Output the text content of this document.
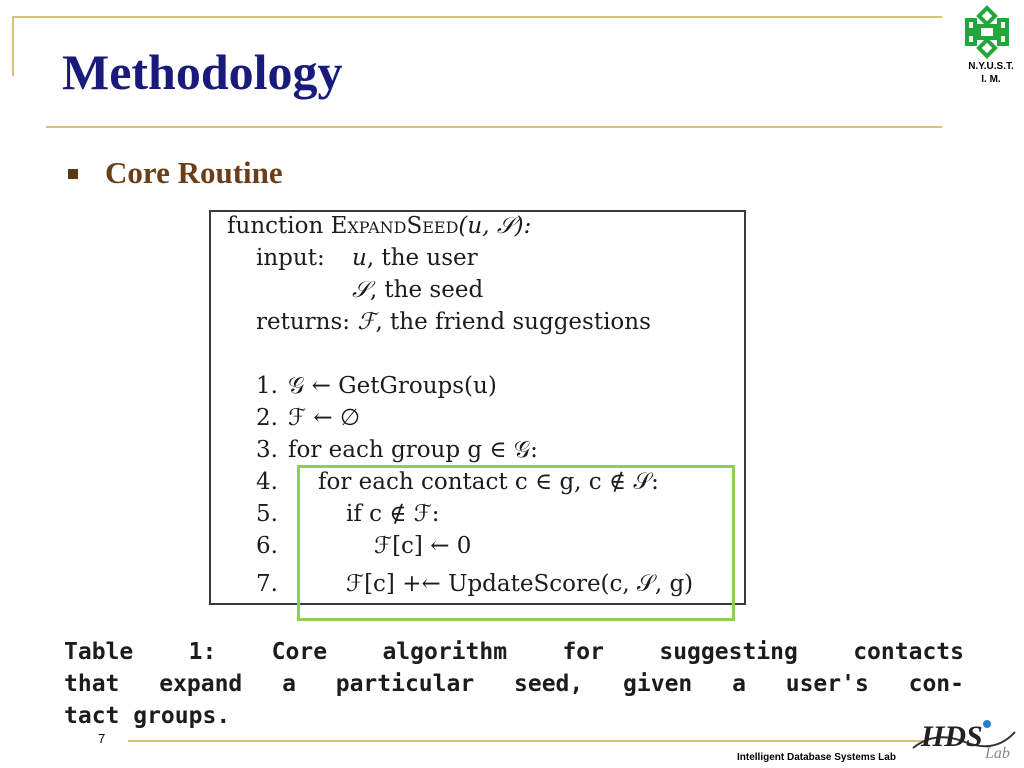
Methodology	N.Y.U.S.T.
I. M.
Core Routine
function ExpandSeed(u, 𝒮):
input: u, the user
𝒮, the seed
returns: ℱ, the friend suggestions
1. 𝒢 ← GetGroups(u)
2. ℱ ← ∅
3. for each group g ∈ 𝒢:
4. for each contact c ∈ g, c ∉ 𝒮:
5.	if c ∉ ℱ:
6.	ℱ[c] ← 0
7.	ℱ[c] +← UpdateScore(c, 𝒮, g)
Table 1: Core algorithm for suggesting contacts
that expand a particular seed, given a user's con-
tact groups.
7
Intelligent Database Systems Lab
IIDS
Lab
